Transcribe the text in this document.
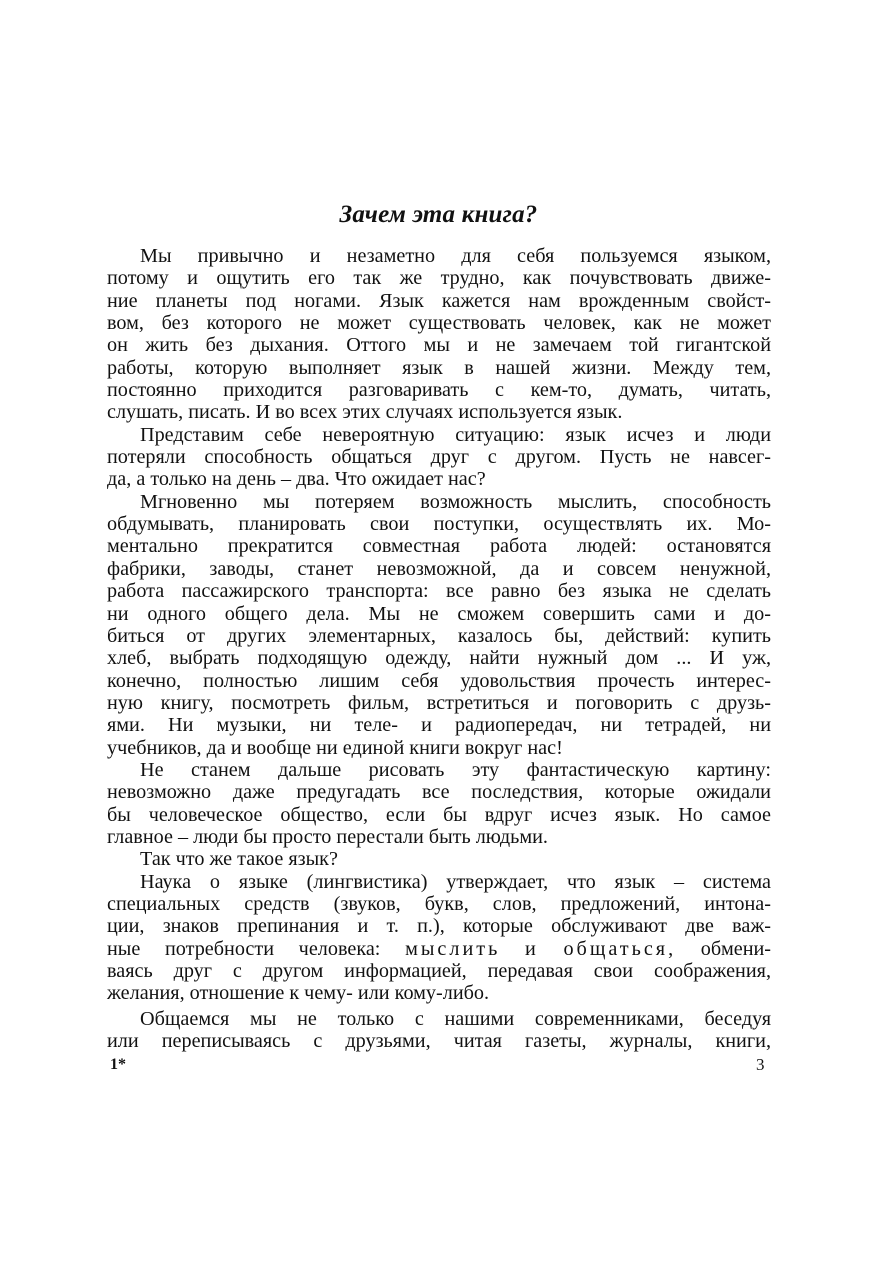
Зачем эта книга?
Мы привычно и незаметно для себя пользуемся языком,
потому и ощутить его так же трудно, как почувствовать движе-
ние планеты под ногами. Язык кажется нам врожденным свойст-
вом, без которого не может существовать человек, как не может
он жить без дыхания. Оттого мы и не замечаем той гигантской
работы, которую выполняет язык в нашей жизни. Между тем,
постоянно приходится разговаривать с кем-то, думать, читать,
слушать, писать. И во всех этих случаях используется язык.
Представим себе невероятную ситуацию: язык исчез и люди
потеряли способность общаться друг с другом. Пусть не навсег-
да, а только на день – два. Что ожидает нас?
Мгновенно мы потеряем возможность мыслить, способность
обдумывать, планировать свои поступки, осуществлять их. Мо-
ментально прекратится совместная работа людей: остановятся
фабрики, заводы, станет невозможной, да и совсем ненужной,
работа пассажирского транспорта: все равно без языка не сделать
ни одного общего дела. Мы не сможем совершить сами и до-
биться от других элементарных, казалось бы, действий: купить
хлеб, выбрать подходящую одежду, найти нужный дом ... И уж,
конечно, полностью лишим себя удовольствия прочесть интерес-
ную книгу, посмотреть фильм, встретиться и поговорить с друзь-
ями. Ни музыки, ни теле- и радиопередач, ни тетрадей, ни
учебников, да и вообще ни единой книги вокруг нас!
Не станем дальше рисовать эту фантастическую картину:
невозможно даже предугадать все последствия, которые ожидали
бы человеческое общество, если бы вдруг исчез язык. Но самое
главное – люди бы просто перестали быть людьми.
Так что же такое язык?
Наука о языке (лингвистика) утверждает, что язык – система
специальных средств (звуков, букв, слов, предложений, интона-
ции, знаков препинания и т. п.), которые обслуживают две важ-
ные потребности человека: мыслить и общаться, обмени-
ваясь друг с другом информацией, передавая свои соображения,
желания, отношение к чему- или кому-либо.
Общаемся мы не только с нашими современниками, беседуя
или переписываясь с друзьями, читая газеты, журналы, книги,
1*	3
